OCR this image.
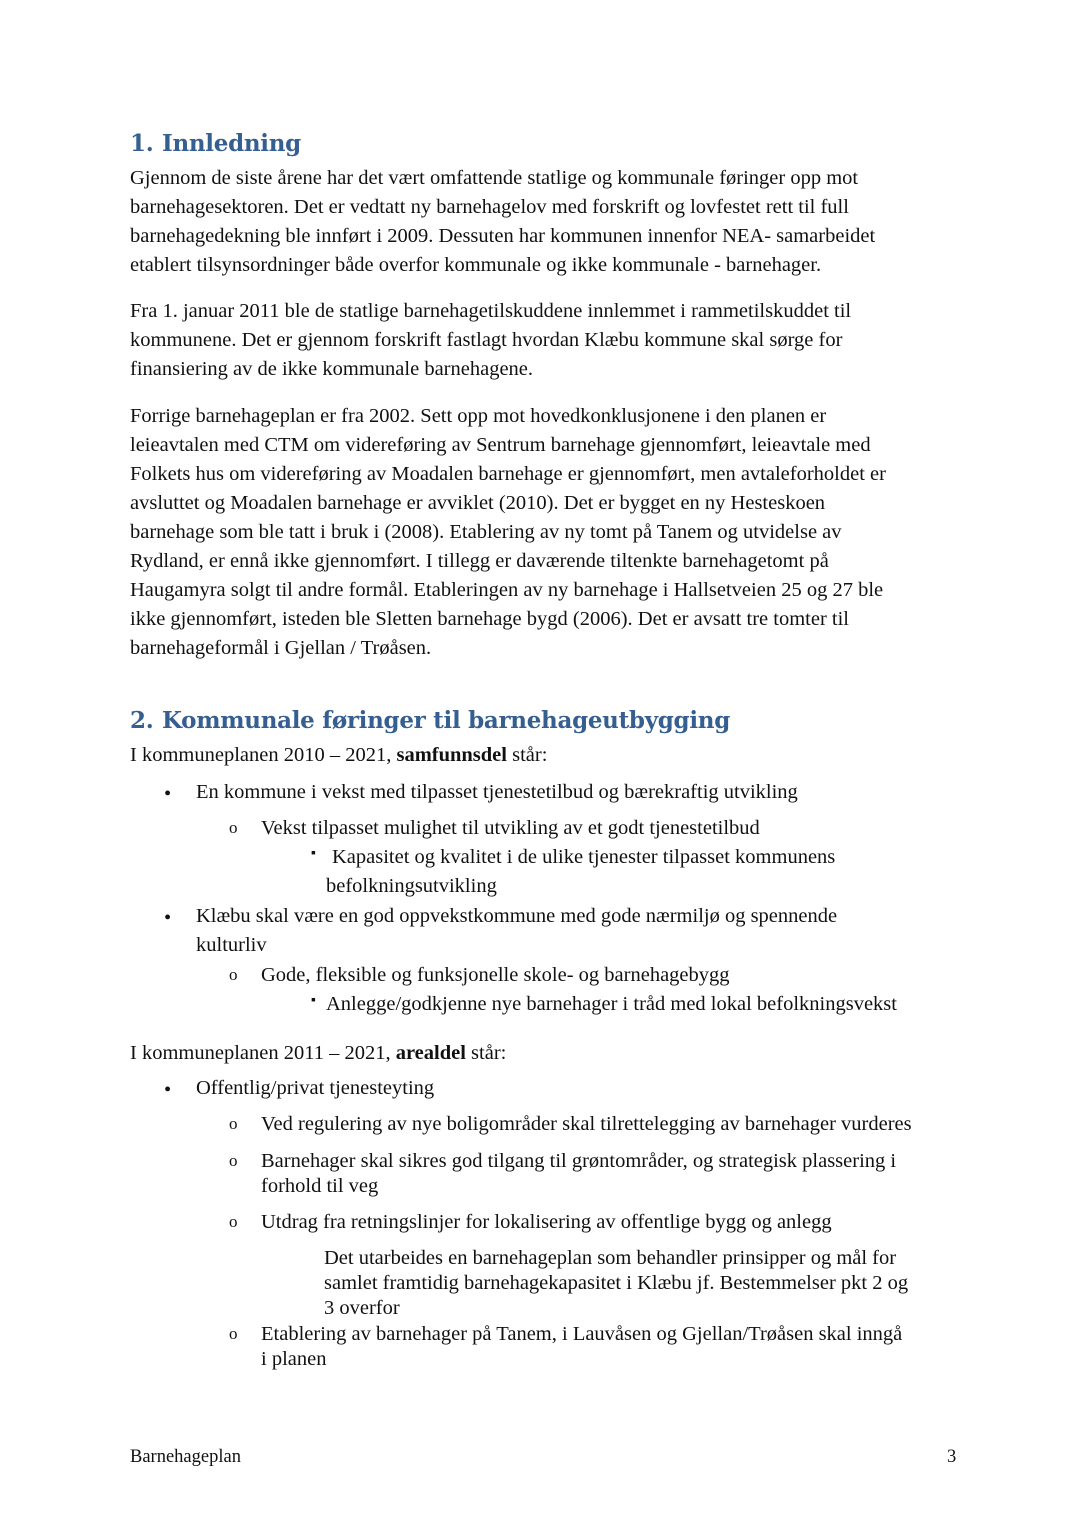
1. Innledning
Gjennom de siste årene har det vært omfattende statlige og kommunale føringer opp mot
barnehagesektoren. Det er vedtatt ny barnehagelov med forskrift og lovfestet rett til full
barnehagedekning ble innført i 2009. Dessuten har kommunen innenfor NEA- samarbeidet
etablert tilsynsordninger både overfor kommunale og ikke kommunale - barnehager.
Fra 1. januar 2011 ble de statlige barnehagetilskuddene innlemmet i rammetilskuddet til
kommunene. Det er gjennom forskrift fastlagt hvordan Klæbu kommune skal sørge for
finansiering av de ikke kommunale barnehagene.
Forrige barnehageplan er fra 2002. Sett opp mot hovedkonklusjonene i den planen er
leieavtalen med CTM om videreføring av Sentrum barnehage gjennomført, leieavtale med
Folkets hus om videreføring av Moadalen barnehage er gjennomført, men avtaleforholdet er
avsluttet og Moadalen barnehage er avviklet (2010). Det er bygget en ny Hesteskoen
barnehage som ble tatt i bruk i (2008). Etablering av ny tomt på Tanem og utvidelse av
Rydland, er ennå ikke gjennomført. I tillegg er daværende tiltenkte barnehagetomt på
Haugamyra solgt til andre formål. Etableringen av ny barnehage i Hallsetveien 25 og 27 ble
ikke gjennomført, isteden ble Sletten barnehage bygd (2006). Det er avsatt tre tomter til
barnehageformål i Gjellan / Trøåsen.
2. Kommunale føringer til barnehageutbygging
I kommuneplanen 2010 – 2021, samfunnsdel står:
• En kommune i vekst med tilpasset tjenestetilbud og bærekraftig utvikling
o Vekst tilpasset mulighet til utvikling av et godt tjenestetilbud
▪ Kapasitet og kvalitet i de ulike tjenester tilpasset kommunens
befolkningsutvikling
• Klæbu skal være en god oppvekstkommune med gode nærmiljø og spennende
kulturliv
o Gode, fleksible og funksjonelle skole- og barnehagebygg
▪ Anlegge/godkjenne nye barnehager i tråd med lokal befolkningsvekst
I kommuneplanen 2011 – 2021, arealdel står:
• Offentlig/privat tjenesteyting
o Ved regulering av nye boligområder skal tilrettelegging av barnehager vurderes
o Barnehager skal sikres god tilgang til grøntområder, og strategisk plassering i
forhold til veg
o Utdrag fra retningslinjer for lokalisering av offentlige bygg og anlegg
Det utarbeides en barnehageplan som behandler prinsipper og mål for
samlet framtidig barnehagekapasitet i Klæbu jf. Bestemmelser pkt 2 og
3 overfor
o Etablering av barnehager på Tanem, i Lauvåsen og Gjellan/Trøåsen skal inngå
i planen
Barnehageplan	3
